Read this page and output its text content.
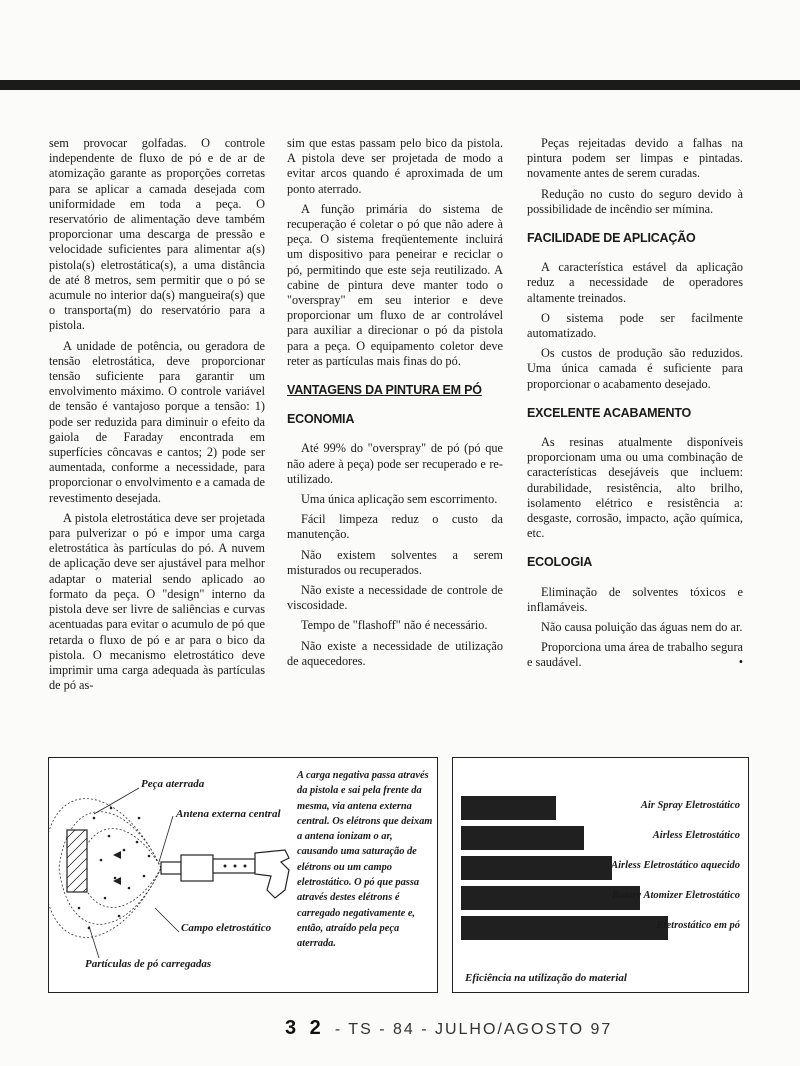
sem provocar golfadas. O controle independente de fluxo de pó e de ar de atomização garante as proporções corretas para se aplicar a camada desejada com uniformidade em toda a peça. O reservatório de alimentação deve também proporcionar uma descarga de pressão e velocidade suficientes para alimentar a(s) pistola(s) eletrostática(s), a uma distância de até 8 metros, sem permitir que o pó se acumule no interior da(s) mangueira(s) que o transporta(m) do reservatório para a pistola.

A unidade de potência, ou geradora de tensão eletrostática, deve proporcionar tensão suficiente para garantir um envolvimento máximo. O controle variável de tensão é vantajoso porque a tensão: 1) pode ser reduzida para diminuir o efeito da gaiola de Faraday encontrada em superfícies côncavas e cantos; 2) pode ser aumentada, conforme a necessidade, para proporcionar o envolvimento e a camada de revestimento desejada.

A pistola eletrostática deve ser projetada para pulverizar o pó e impor uma carga eletrostática às partículas do pó. A nuvem de aplicação deve ser ajustável para melhor adaptar o material sendo aplicado ao formato da peça. O "design" interno da pistola deve ser livre de saliências e curvas acentuadas para evitar o acumulo de pó que retarda o fluxo de pó e ar para o bico da pistola. O mecanismo eletrostático deve imprimir uma carga adequada às partículas de pó as-

sim que estas passam pelo bico da pistola. A pistola deve ser projetada de modo a evitar arcos quando é aproximada de um ponto aterrado.

A função primária do sistema de recuperação é coletar o pó que não adere à peça. O sistema freqüentemente incluirá um dispositivo para peneirar e reciclar o pó, permitindo que este seja reutilizado. A cabine de pintura deve manter todo o "overspray" em seu interior e deve proporcionar um fluxo de ar controlável para auxiliar a direcionar o pó da pistola para a peça. O equipamento coletor deve reter as partículas mais finas do pó.

VANTAGENS DA PINTURA EM PÓ
ECONOMIA

Até 99% do "overspray" de pó (pó que não adere à peça) pode ser recuperado e re-utilizado.

Uma única aplicação sem escorrimento.

Fácil limpeza reduz o custo da manutenção.

Não existem solventes a serem misturados ou recuperados.

Não existe a necessidade de controle de viscosidade.

Tempo de "flashoff" não é necessário.

Não existe a necessidade de utilização de aquecedores.

Peças rejeitadas devido a falhas na pintura podem ser limpas e pintadas. novamente antes de serem curadas.

Redução no custo do seguro devido à possibilidade de incêndio ser mímina.

FACILIDADE DE APLICAÇÃO

A característica estável da aplicação reduz a necessidade de operadores altamente treinados.

O sistema pode ser facilmente automatizado.

Os custos de produção são reduzidos. Uma única camada é suficiente para proporcionar o acabamento desejado.

EXCELENTE ACABAMENTO

As resinas atualmente disponíveis proporcionam uma ou uma combinação de características desejáveis que incluem: durabilidade, resistência, alto brilho, isolamento elétrico e resistência a: desgaste, corrosão, impacto, ação química, etc.

ECOLOGIA

Eliminação de solventes tóxicos e inflamáveis.

Não causa poluição das águas nem do ar.

Proporciona uma área de trabalho segura e saudável.	•

Peça aterrada
Antena externa central
Campo eletrostático
Partículas de pó carregadas
A carga negativa passa através da pistola e sai pela frente da mesma, via antena externa central. Os elétrons que deixam a antena ionizam o ar, causando uma saturação de elétrons ou um campo eletrostático. O pó que passa através destes elétrons é carregado negativamente e, então, atraído pela peça aterrada.
Air Spray Eletrostático
Airless Eletrostático
Airless Eletrostático aquecido
Rotary Atomizer Eletrostático
Eletrostático em pó
Eficiência na utilização do material
3 2 - TS - 84 - JULHO/AGOSTO 97
